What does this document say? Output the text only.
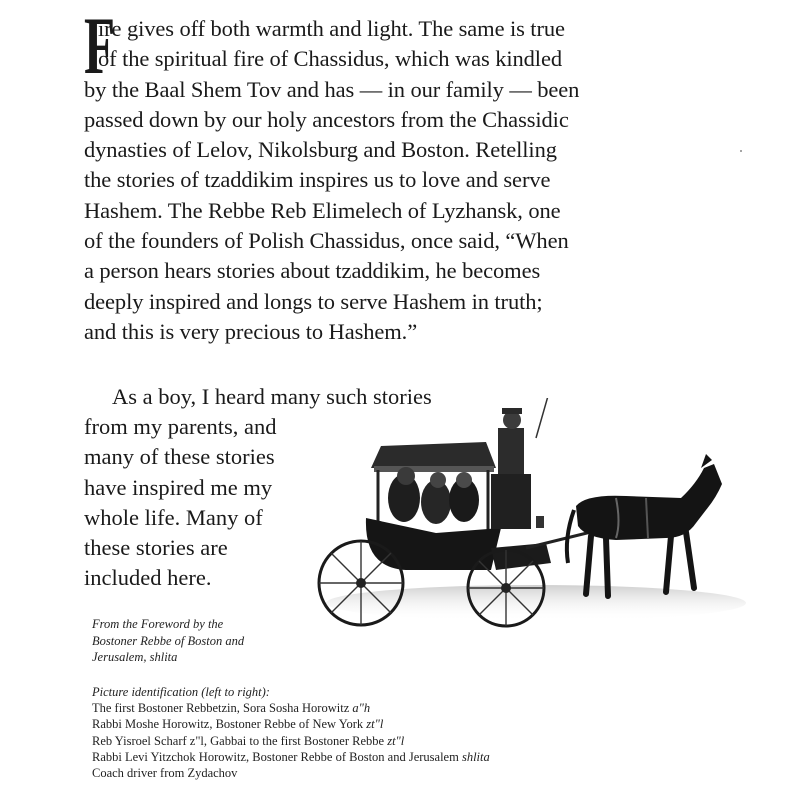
F
ire gives off both warmth and light. The same is true
of the spiritual fire of Chassidus, which was kindled
by the Baal Shem Tov and has — in our family — been
passed down by our holy ancestors from the Chassidic
dynasties of Lelov, Nikolsburg and Boston. Retelling
the stories of tzaddikim inspires us to love and serve
Hashem. The Rebbe Reb Elimelech of Lyzhansk, one
of the founders of Polish Chassidus, once said, “When
a person hears stories about tzaddikim, he becomes
deeply inspired and longs to serve Hashem in truth;
and this is very precious to Hashem.”
As a boy, I heard many such stories
from my parents, and
many of these stories
have inspired me my
whole life. Many of
these stories are
included here.
From the Foreword by the
Bostoner Rebbe of Boston and
Jerusalem, shlita
Picture identification (left to right):
The first Bostoner Rebbetzin, Sora Sosha Horowitz a"h
Rabbi Moshe Horowitz, Bostoner Rebbe of New York zt"l
Reb Yisroel Scharf z"l, Gabbai to the first Bostoner Rebbe zt"l
Rabbi Levi Yitzchok Horowitz, Bostoner Rebbe of Boston and Jerusalem shlita
Coach driver from Zydachov
